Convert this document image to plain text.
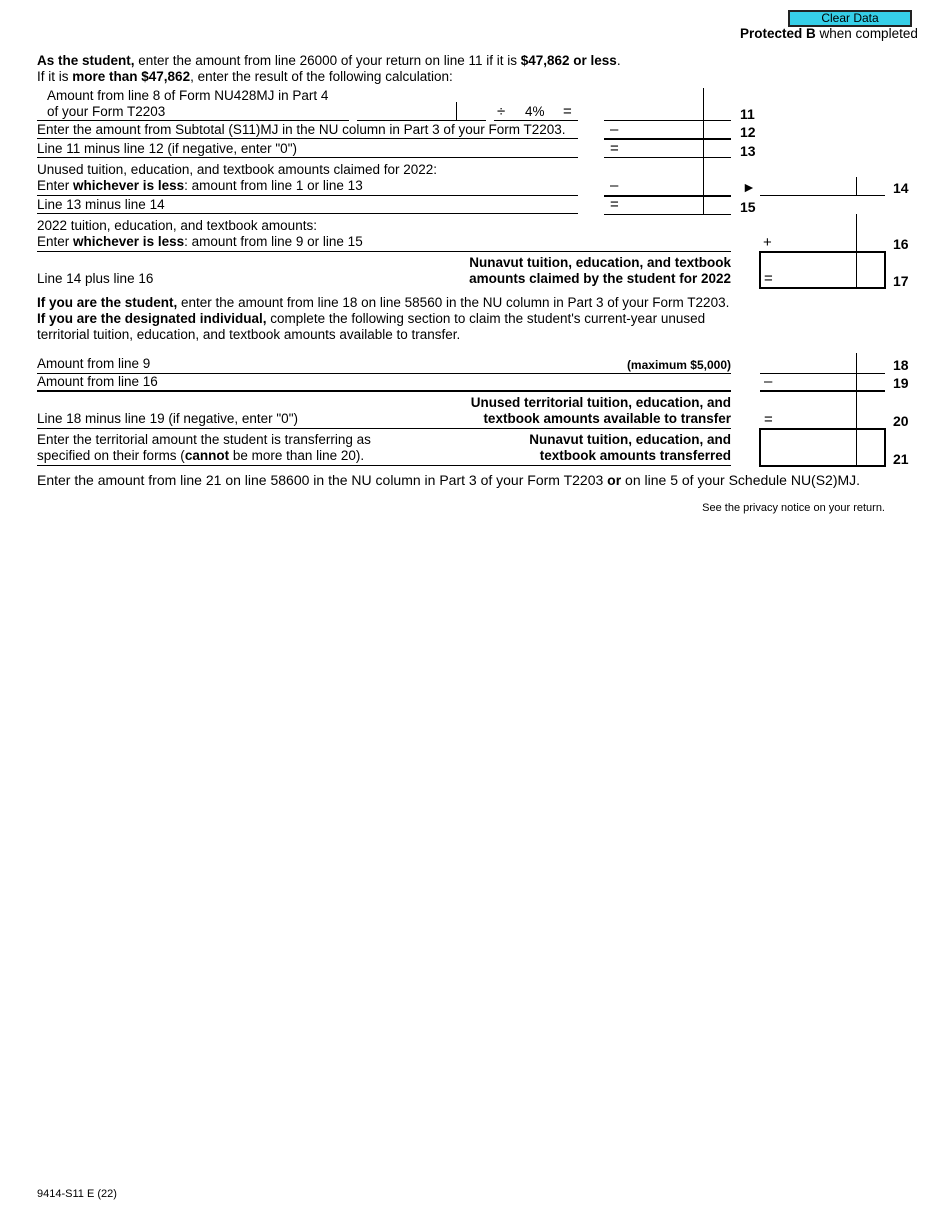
Clear Data
Protected B when completed
As the student, enter the amount from line 26000 of your return on line 11 if it is $47,862 or less.
If it is more than $47,862, enter the result of the following calculation:
Amount from line 8 of Form NU428MJ in Part 4
of your Form T2203	÷ 4% =	11
Enter the amount from Subtotal (S11)MJ in the NU column in Part 3 of your Form T2203.	–	12
Line 11 minus line 12 (if negative, enter "0")	=	13
Unused tuition, education, and textbook amounts claimed for 2022:
Enter whichever is less: amount from line 1 or line 13	–	►	14
Line 13 minus line 14	=	15
2022 tuition, education, and textbook amounts:
Enter whichever is less: amount from line 9 or line 15	+	16
Line 14 plus line 16
Nunavut tuition, education, and textbook
amounts claimed by the student for 2022 =	17
If you are the student, enter the amount from line 18 on line 58560 in the NU column in Part 3 of your Form T2203.
If you are the designated individual, complete the following section to claim the student's current-year unused
territorial tuition, education, and textbook amounts available to transfer.
Amount from line 9	(maximum $5,000)	18
Amount from line 16	–	19
Line 18 minus line 19 (if negative, enter "0")
Unused territorial tuition, education, and
textbook amounts available to transfer =	20
Enter the territorial amount the student is transferring as
specified on their forms (cannot be more than line 20).
Nunavut tuition, education, and
textbook amounts transferred	21
Enter the amount from line 21 on line 58600 in the NU column in Part 3 of your Form T2203 or on line 5 of your Schedule NU(S2)MJ.
See the privacy notice on your return.
9414-S11 E (22)
